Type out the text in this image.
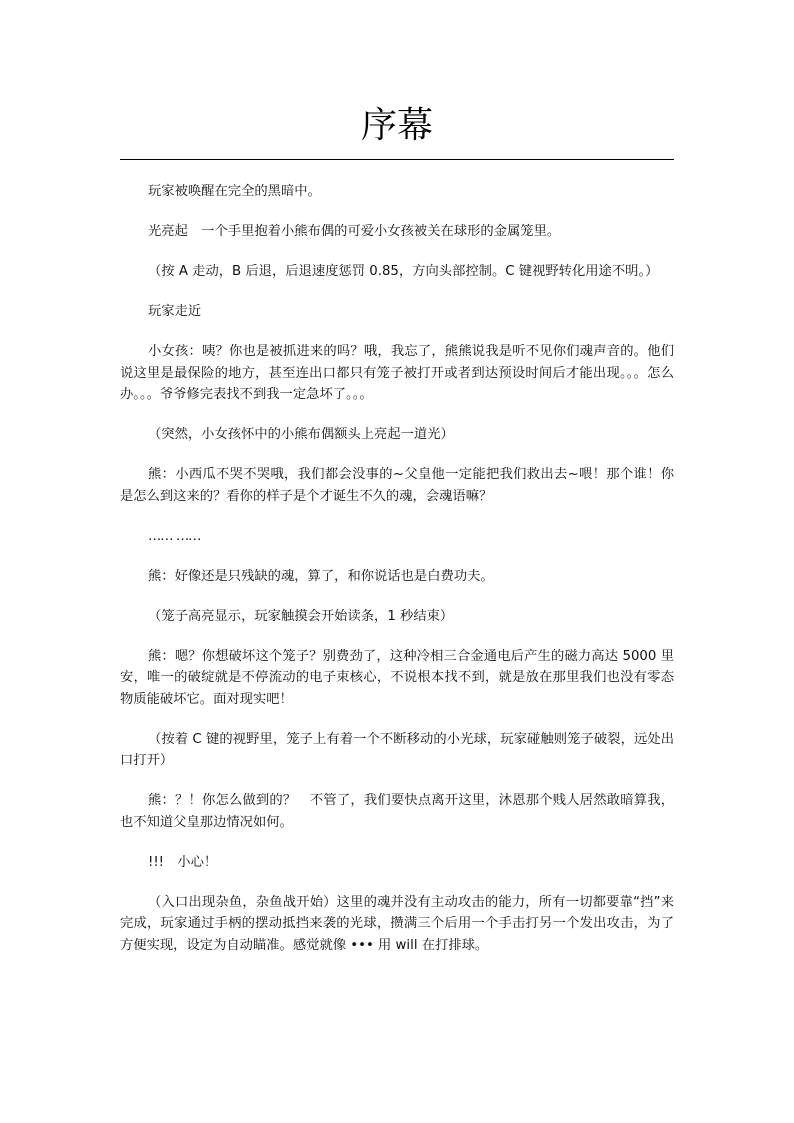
序幕

玩家被唤醒在完全的黑暗中。

光亮起　一个手里抱着小熊布偶的可爱小女孩被关在球形的金属笼里。

（按 A 走动，B 后退，后退速度惩罚 0.85，方向头部控制。C 键视野转化用途不明。）

玩家走近

小女孩：咦？你也是被抓进来的吗？哦，我忘了，熊熊说我是听不见你们魂声音的。他们说这里是最保险的地方，甚至连出口都只有笼子被打开或者到达预设时间后才能出现。。。怎么办。。。爷爷修完表找不到我一定急坏了。。。

（突然，小女孩怀中的小熊布偶额头上亮起一道光）

熊：小西瓜不哭不哭哦，我们都会没事的~父皇他一定能把我们救出去~喂！那个谁！你是怎么到这来的？看你的样子是个才诞生不久的魂，会魂语嘛？

…… ……

熊：好像还是只残缺的魂，算了，和你说话也是白费功夫。

（笼子高亮显示，玩家触摸会开始读条，1 秒结束）

熊：嗯？你想破坏这个笼子？别费劲了，这种冷相三合金通电后产生的磁力高达 5000 里安，唯一的破绽就是不停流动的电子束核心，不说根本找不到，就是放在那里我们也没有零态物质能破坏它。面对现实吧！

（按着 C 键的视野里，笼子上有着一个不断移动的小光球，玩家碰触则笼子破裂，远处出口打开）

熊：？！你怎么做到的？　不管了，我们要快点离开这里，沐恩那个贱人居然敢暗算我，也不知道父皇那边情况如何。

!!!　小心！

（入口出现杂鱼，杂鱼战开始）这里的魂并没有主动攻击的能力，所有一切都要靠“挡”来完成，玩家通过手柄的摆动抵挡来袭的光球，攒满三个后用一个手击打另一个发出攻击，为了方便实现，设定为自动瞄准。感觉就像 ••• 用 will 在打排球。
